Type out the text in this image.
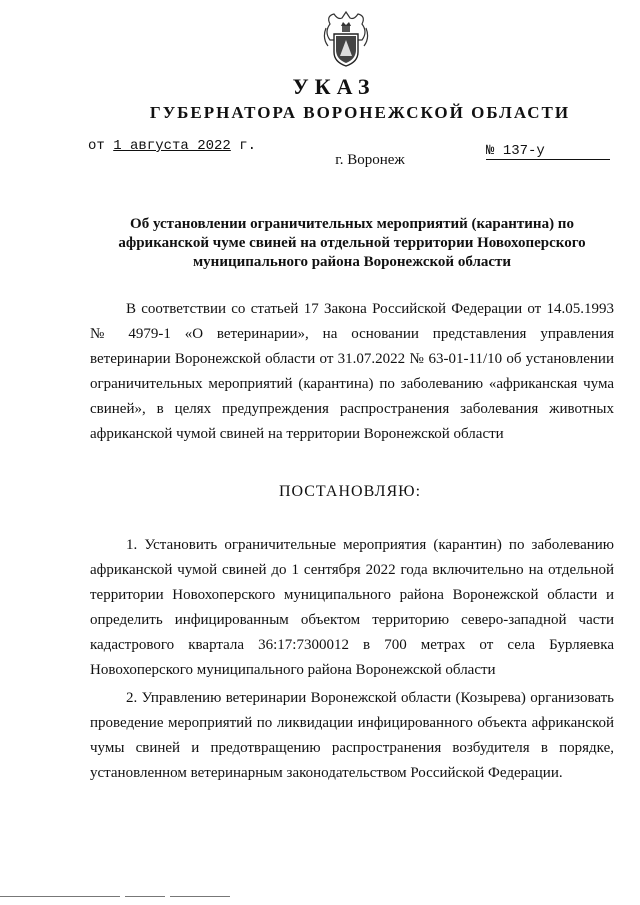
УКАЗ
ГУБЕРНАТОРА ВОРОНЕЖСКОЙ ОБЛАСТИ
от 1 августа 2022 г.	№ 137-у
г. Воронеж
Об установлении ограничительных мероприятий (карантина) по африканской чуме свиней на отдельной территории Новохоперского муниципального района Воронежской области
В соответствии со статьей 17 Закона Российской Федерации от 14.05.1993 № 4979-1 «О ветеринарии», на основании представления управления ветеринарии Воронежской области от 31.07.2022 № 63-01-11/10 об установлении ограничительных мероприятий (карантина) по заболеванию «африканская чума свиней», в целях предупреждения распространения заболевания животных африканской чумой свиней на территории Воронежской области
ПОСТАНОВЛЯЮ:
1. Установить ограничительные мероприятия (карантин) по заболеванию африканской чумой свиней до 1 сентября 2022 года включительно на отдельной территории Новохоперского муниципального района Воронежской области и определить инфицированным объектом территорию северо-западной части кадастрового квартала 36:17:7300012 в 700 метрах от села Бурляевка Новохоперского муниципального района Воронежской области
2. Управлению ветеринарии Воронежской области (Козырева) организовать проведение мероприятий по ликвидации инфицированного объекта африканской чумы свиней и предотвращению распространения возбудителя в порядке, установленном ветеринарным законодательством Российской Федерации.
